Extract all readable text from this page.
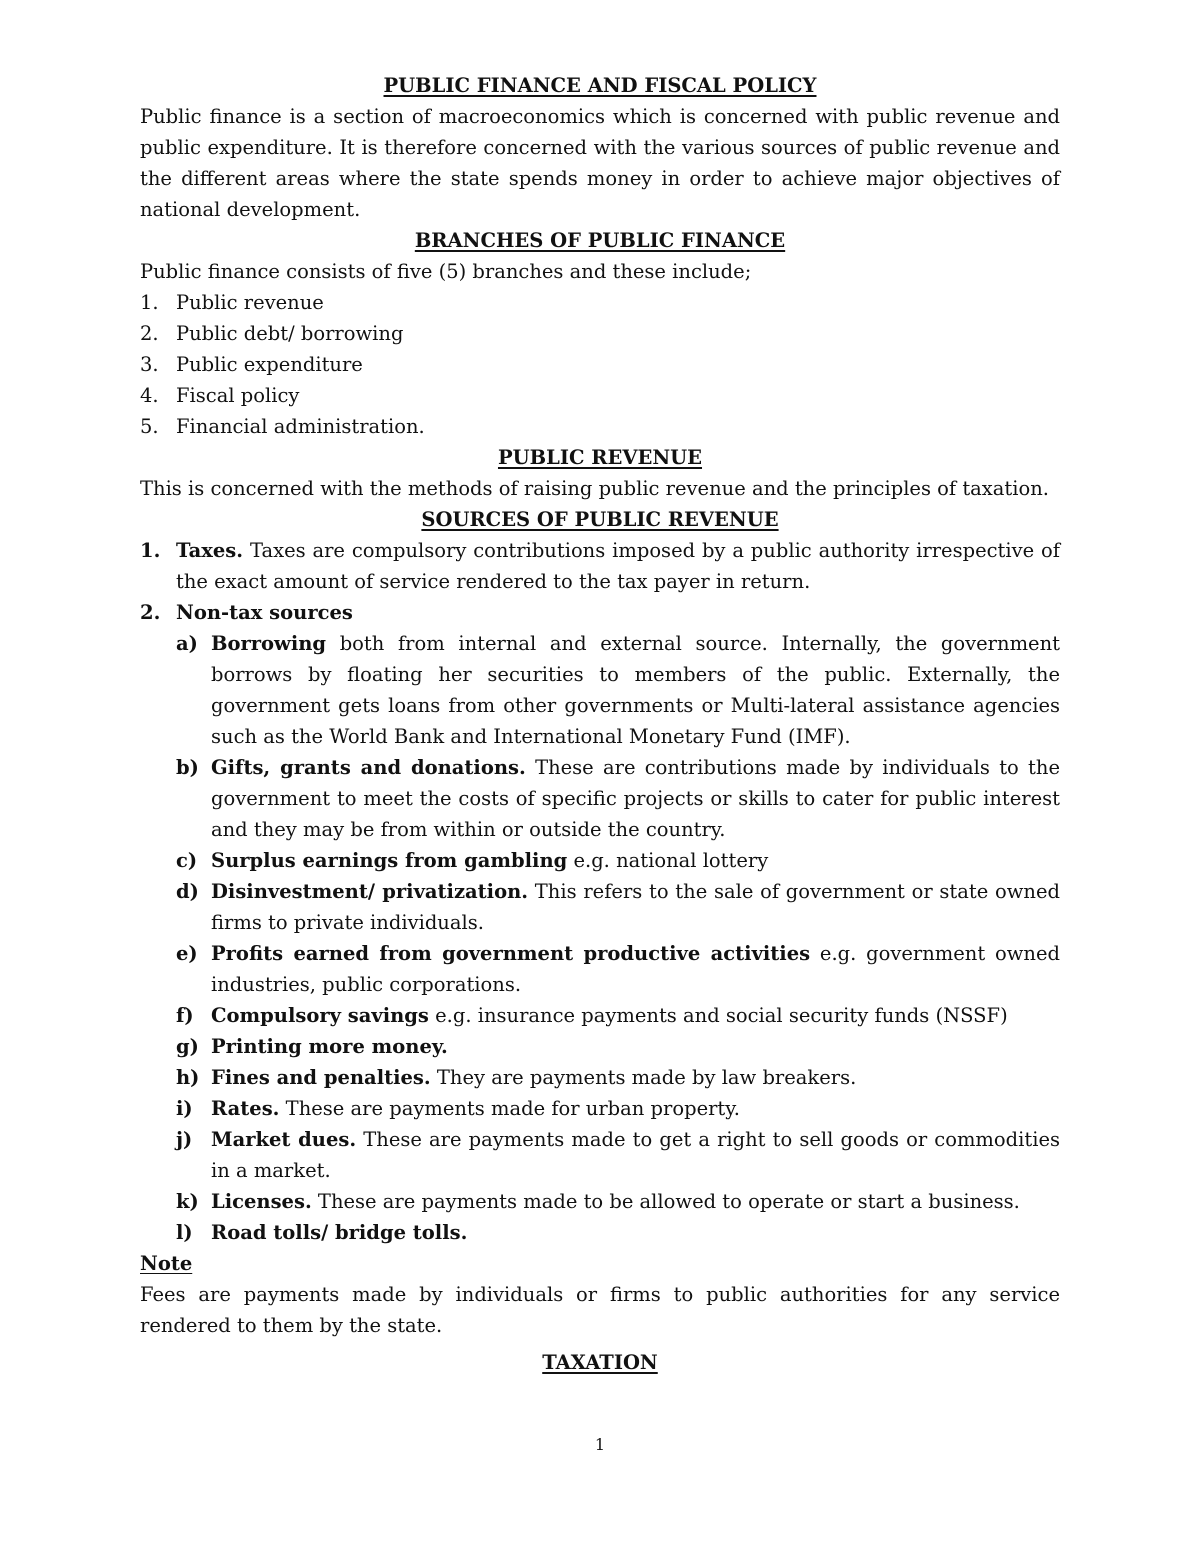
PUBLIC FINANCE AND FISCAL POLICY
Public finance is a section of macroeconomics which is concerned with public revenue and public expenditure. It is therefore concerned with the various sources of public revenue and the different areas where the state spends money in order to achieve major objectives of national development.
BRANCHES OF PUBLIC FINANCE
Public finance consists of five (5) branches and these include;
1. Public revenue
2. Public debt/ borrowing
3. Public expenditure
4. Fiscal policy
5. Financial administration.
PUBLIC REVENUE
This is concerned with the methods of raising public revenue and the principles of taxation.
SOURCES OF PUBLIC REVENUE
1. Taxes. Taxes are compulsory contributions imposed by a public authority irrespective of the exact amount of service rendered to the tax payer in return.
2. Non-tax sources
a) Borrowing both from internal and external source. Internally, the government borrows by floating her securities to members of the public. Externally, the government gets loans from other governments or Multi-lateral assistance agencies such as the World Bank and International Monetary Fund (IMF).
b) Gifts, grants and donations. These are contributions made by individuals to the government to meet the costs of specific projects or skills to cater for public interest and they may be from within or outside the country.
c) Surplus earnings from gambling e.g. national lottery
d) Disinvestment/ privatization. This refers to the sale of government or state owned firms to private individuals.
e) Profits earned from government productive activities e.g. government owned industries, public corporations.
f) Compulsory savings e.g. insurance payments and social security funds (NSSF)
g) Printing more money.
h) Fines and penalties. They are payments made by law breakers.
i) Rates. These are payments made for urban property.
j) Market dues. These are payments made to get a right to sell goods or commodities in a market.
k) Licenses. These are payments made to be allowed to operate or start a business.
l) Road tolls/ bridge tolls.
Note
Fees are payments made by individuals or firms to public authorities for any service rendered to them by the state.
TAXATION
1
